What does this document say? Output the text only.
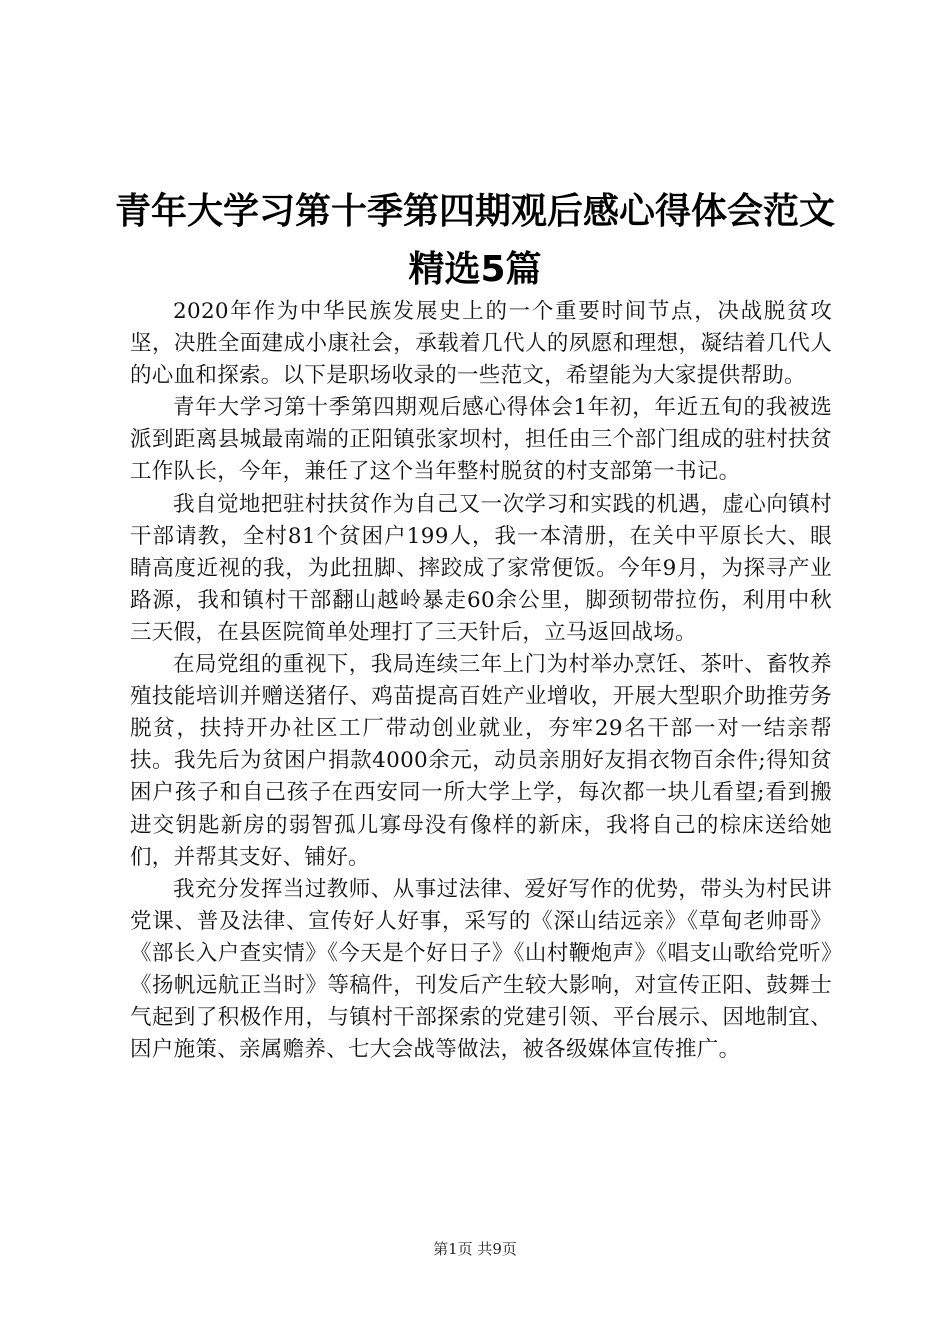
青年大学习第十季第四期观后感心得体会范文
精选5篇

2020年作为中华民族发展史上的一个重要时间节点，决战脱贫攻坚，决胜全面建成小康社会，承载着几代人的夙愿和理想，凝结着几代人的心血和探索。以下是职场收录的一些范文，希望能为大家提供帮助。

青年大学习第十季第四期观后感心得体会1年初，年近五旬的我被选派到距离县城最南端的正阳镇张家坝村，担任由三个部门组成的驻村扶贫工作队长，今年，兼任了这个当年整村脱贫的村支部第一书记。

我自觉地把驻村扶贫作为自己又一次学习和实践的机遇，虚心向镇村干部请教，全村81个贫困户199人，我一本清册，在关中平原长大、眼睛高度近视的我，为此扭脚、摔跤成了家常便饭。今年9月，为探寻产业路源，我和镇村干部翻山越岭暴走60余公里，脚颈韧带拉伤，利用中秋三天假，在县医院简单处理打了三天针后，立马返回战场。

在局党组的重视下，我局连续三年上门为村举办烹饪、茶叶、畜牧养殖技能培训并赠送猪仔、鸡苗提高百姓产业增收，开展大型职介助推劳务脱贫，扶持开办社区工厂带动创业就业，夯牢29名干部一对一结亲帮扶。我先后为贫困户捐款4000余元，动员亲朋好友捐衣物百余件;得知贫困户孩子和自己孩子在西安同一所大学上学，每次都一块儿看望;看到搬进交钥匙新房的弱智孤儿寡母没有像样的新床，我将自己的棕床送给她们，并帮其支好、铺好。

我充分发挥当过教师、从事过法律、爱好写作的优势，带头为村民讲党课、普及法律、宣传好人好事，采写的《深山结远亲》《草甸老帅哥》《部长入户查实情》《今天是个好日子》《山村鞭炮声》《唱支山歌给党听》《扬帆远航正当时》等稿件，刊发后产生较大影响，对宣传正阳、鼓舞士气起到了积极作用，与镇村干部探索的党建引领、平台展示、因地制宜、因户施策、亲属赡养、七大会战等做法，被各级媒体宣传推广。

第1页 共9页
